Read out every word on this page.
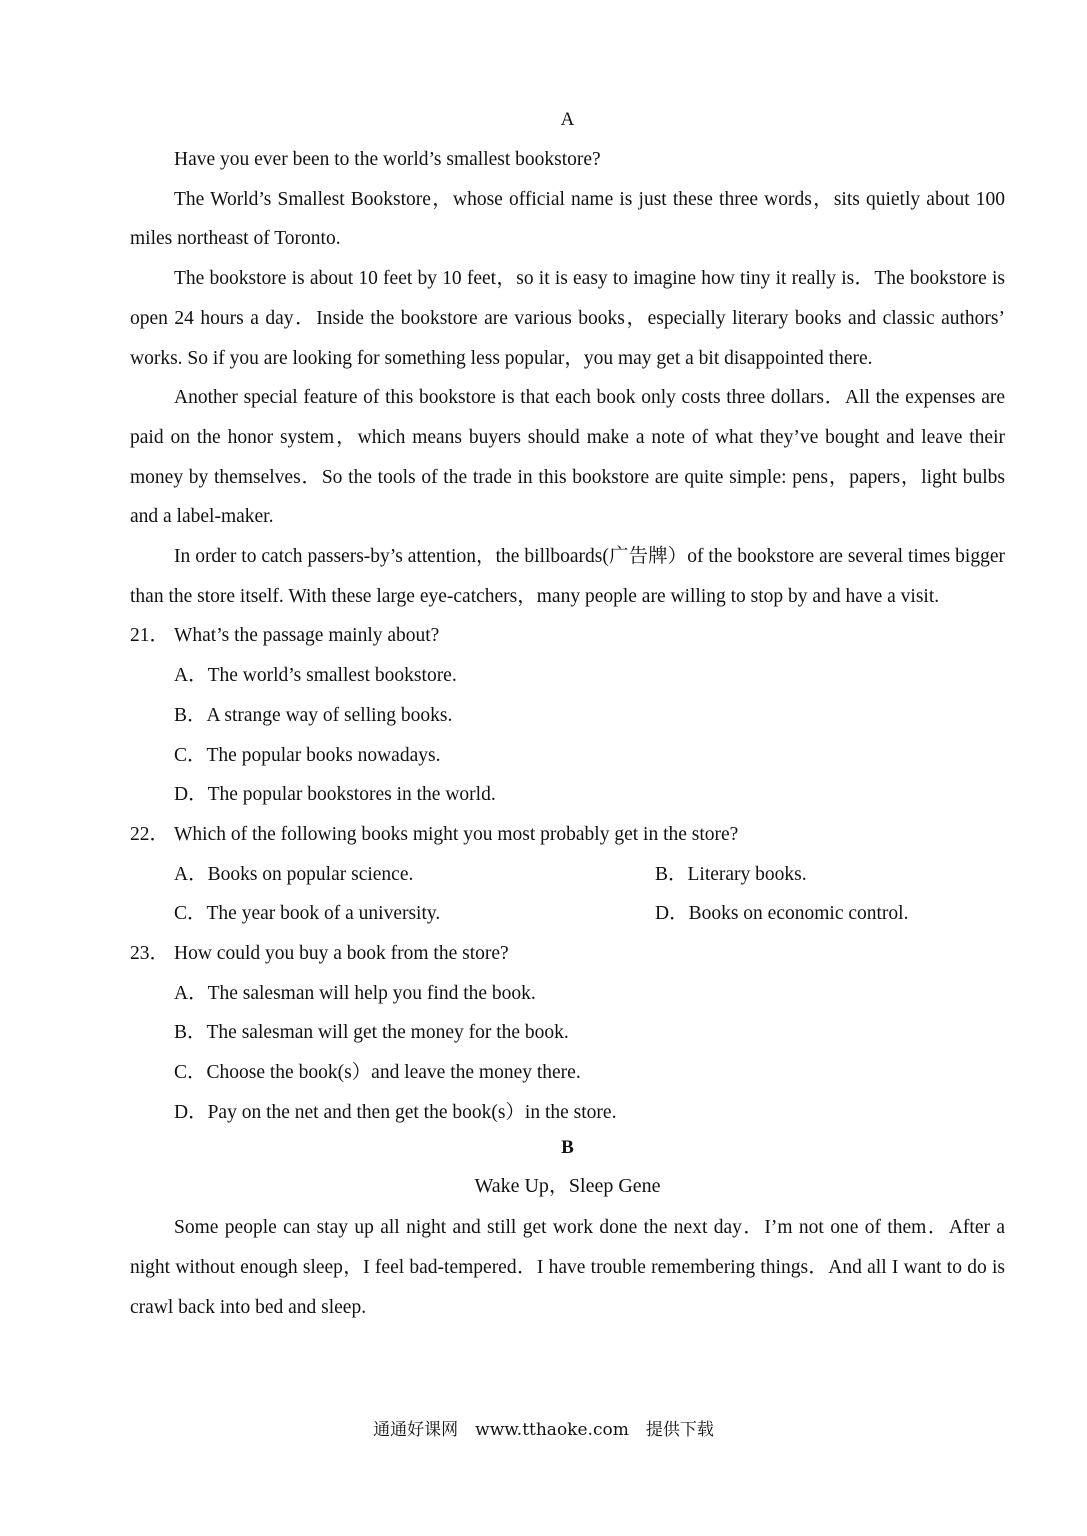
A

Have you ever been to the world’s smallest bookstore?

The World’s Smallest Bookstore，whose official name is just these three words，sits quietly about 100 miles northeast of Toronto.

The bookstore is about 10 feet by 10 feet，so it is easy to imagine how tiny it really is．The bookstore is open 24 hours a day．Inside the bookstore are various books，especially literary books and classic authors’ works. So if you are looking for something less popular，you may get a bit disappointed there.

Another special feature of this bookstore is that each book only costs three dollars．All the expenses are paid on the honor system，which means buyers should make a note of what they’ve bought and leave their money by themselves．So the tools of the trade in this bookstore are quite simple: pens，papers，light bulbs and a label-maker.

In order to catch passers-by’s attention，the billboards(广告牌）of the bookstore are several times bigger than the store itself. With these large eye-catchers，many people are willing to stop by and have a visit.

21． What’s the passage mainly about?
A．The world’s smallest bookstore.
B．A strange way of selling books.
C．The popular books nowadays.
D．The popular bookstores in the world.
22． Which of the following books might you most probably get in the store?
A．Books on popular science.	B．Literary books.
C．The year book of a university.	D．Books on economic control.
23． How could you buy a book from the store?
A．The salesman will help you find the book.
B．The salesman will get the money for the book.
C．Choose the book(s）and leave the money there.
D．Pay on the net and then get the book(s）in the store.
B
Wake Up，Sleep Gene

Some people can stay up all night and still get work done the next day．I’m not one of them．After a night without enough sleep，I feel bad-tempered．I have trouble remembering things．And all I want to do is crawl back into bed and sleep.

通通好课网　www.tthaoke.com　提供下载
